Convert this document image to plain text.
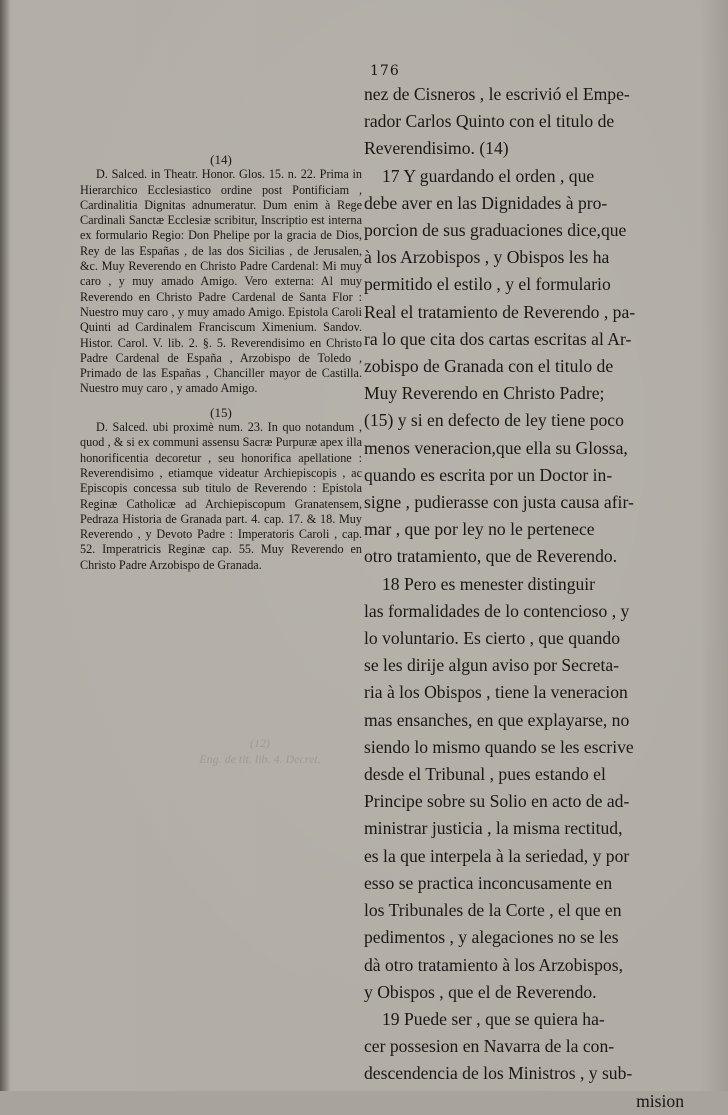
(12)
Eng. de tit. lib. 4. Decret.
176

nez de Cisneros , le escrivió el Empe-

rador Carlos Quinto con el titulo de

Reverendisimo. (14)

17 Y guardando el orden , que

debe aver en las Dignidades à pro-

porcion de sus graduaciones dice,que

à los Arzobispos , y Obispos les ha

permitido el estilo , y el formulario

Real el tratamiento de Reverendo , pa-

ra lo que cita dos cartas escritas al Ar-

zobispo de Granada con el titulo de

Muy Reverendo en Christo Padre;

(15) y si en defecto de ley tiene poco

menos veneracion,que ella su Glossa,

quando es escrita por un Doctor in-

signe , pudierasse con justa causa afir-

mar , que por ley no le pertenece

otro tratamiento, que de Reverendo.

18 Pero es menester distinguir

las formalidades de lo contencioso , y

lo voluntario. Es cierto , que quando

se les dirije algun aviso por Secreta-

ria à los Obispos , tiene la veneracion

mas ensanches, en que explayarse, no

siendo lo mismo quando se les escrive

desde el Tribunal , pues estando el

Principe sobre su Solio en acto de ad-

ministrar justicia , la misma rectitud,

es la que interpela à la seriedad, y por

esso se practica inconcusamente en

los Tribunales de la Corte , el que en

pedimentos , y alegaciones no se les

dà otro tratamiento à los Arzobispos,

y Obispos , que el de Reverendo.

19 Puede ser , que se quiera ha-

cer possesion en Navarra de la con-

descendencia de los Ministros , y sub-

mision

(14)

D. Salced. in Theatr. Honor. Glos. 15. n. 22. Prima in Hierarchico Ecclesiastico ordine post Pontificiam , Cardinalitia Dignitas adnumeratur. Dum enim à Rege Cardinali Sanctæ Ecclesiæ scribitur, Inscriptio est interna ex formulario Regio: Don Phelipe por la gracia de Dios, Rey de las Españas , de las dos Sicilias , de Jerusalen, &c. Muy Reverendo en Christo Padre Cardenal: Mi muy caro , y muy amado Amigo. Vero externa: Al muy Reverendo en Christo Padre Cardenal de Santa Flor : Nuestro muy caro , y muy amado Amigo. Epistola Caroli Quinti ad Cardinalem Franciscum Ximenium. Sandov. Histor. Carol. V. lib. 2. §. 5. Reverendisimo en Christo Padre Cardenal de España , Arzobispo de Toledo , Primado de las Españas , Chanciller mayor de Castilla. Nuestro muy caro , y amado Amigo.

(15)

D. Salced. ubi proximè num. 23. In quo notandum , quod , & si ex communi assensu Sacræ Purpuræ apex illa honorificentia decoretur , seu honorifica apellatione : Reverendisimo , etiamque videatur Archiepiscopis , ac Episcopis concessa sub titulo de Reverendo : Epistola Reginæ Catholicæ ad Archiepiscopum Granatensem, Pedraza Historia de Granada part. 4. cap. 17. & 18. Muy Reverendo , y Devoto Padre : Imperatoris Caroli , cap. 52. Imperatricis Reginæ cap. 55. Muy Reverendo en Christo Padre Arzobispo de Granada.
